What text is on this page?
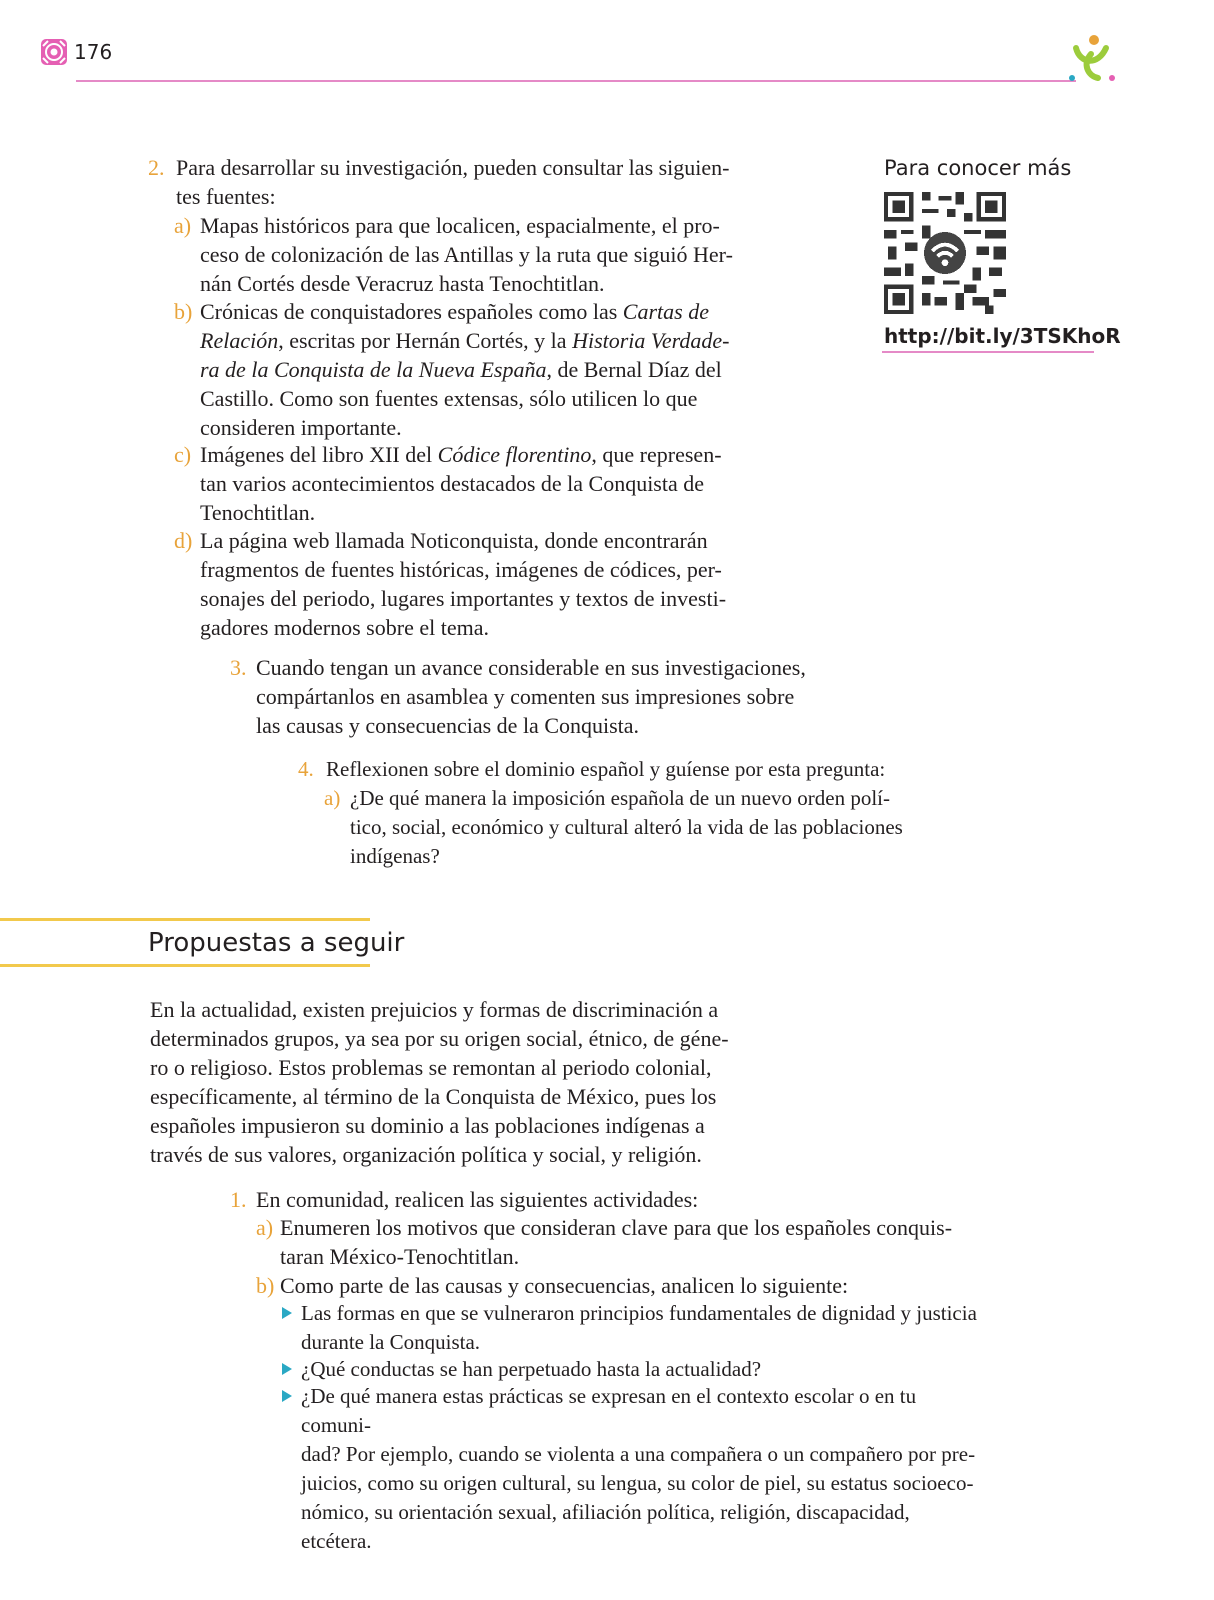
176
Para conocer más
http://bit.ly/3TSKhoR
2. Para desarrollar su investigación, pueden consultar las siguien-
tes fuentes:
a) Mapas históricos para que localicen, espacialmente, el pro-
ceso de colonización de las Antillas y la ruta que siguió Her-
nán Cortés desde Veracruz hasta Tenochtitlan.
b) Crónicas de conquistadores españoles como las Cartas de
Relación, escritas por Hernán Cortés, y la Historia Verdade-
ra de la Conquista de la Nueva España, de Bernal Díaz del
Castillo. Como son fuentes extensas, sólo utilicen lo que
consideren importante.
c) Imágenes del libro XII del Códice florentino, que represen-
tan varios acontecimientos destacados de la Conquista de
Tenochtitlan.
d) La página web llamada Noticonquista, donde encontrarán
fragmentos de fuentes históricas, imágenes de códices, per-
sonajes del periodo, lugares importantes y textos de investi-
gadores modernos sobre el tema.
3. Cuando tengan un avance considerable en sus investigaciones,
compártanlos en asamblea y comenten sus impresiones sobre
las causas y consecuencias de la Conquista.
4. Reflexionen sobre el dominio español y guíense por esta pregunta:
a) ¿De qué manera la imposición española de un nuevo orden polí-
tico, social, económico y cultural alteró la vida de las poblaciones
indígenas?
Propuestas a seguir
En la actualidad, existen prejuicios y formas de discriminación a
determinados grupos, ya sea por su origen social, étnico, de géne-
ro o religioso. Estos problemas se remontan al periodo colonial,
específicamente, al término de la Conquista de México, pues los
españoles impusieron su dominio a las poblaciones indígenas a
través de sus valores, organización política y social, y religión.
1. En comunidad, realicen las siguientes actividades:
a) Enumeren los motivos que consideran clave para que los españoles conquis-
taran México-Tenochtitlan.
b) Como parte de las causas y consecuencias, analicen lo siguiente:
Las formas en que se vulneraron principios fundamentales de dignidad y justicia
durante la Conquista.
¿Qué conductas se han perpetuado hasta la actualidad?
¿De qué manera estas prácticas se expresan en el contexto escolar o en tu comuni-
dad? Por ejemplo, cuando se violenta a una compañera o un compañero por pre-
juicios, como su origen cultural, su lengua, su color de piel, su estatus socioeco-
nómico, su orientación sexual, afiliación política, religión, discapacidad, etcétera.
